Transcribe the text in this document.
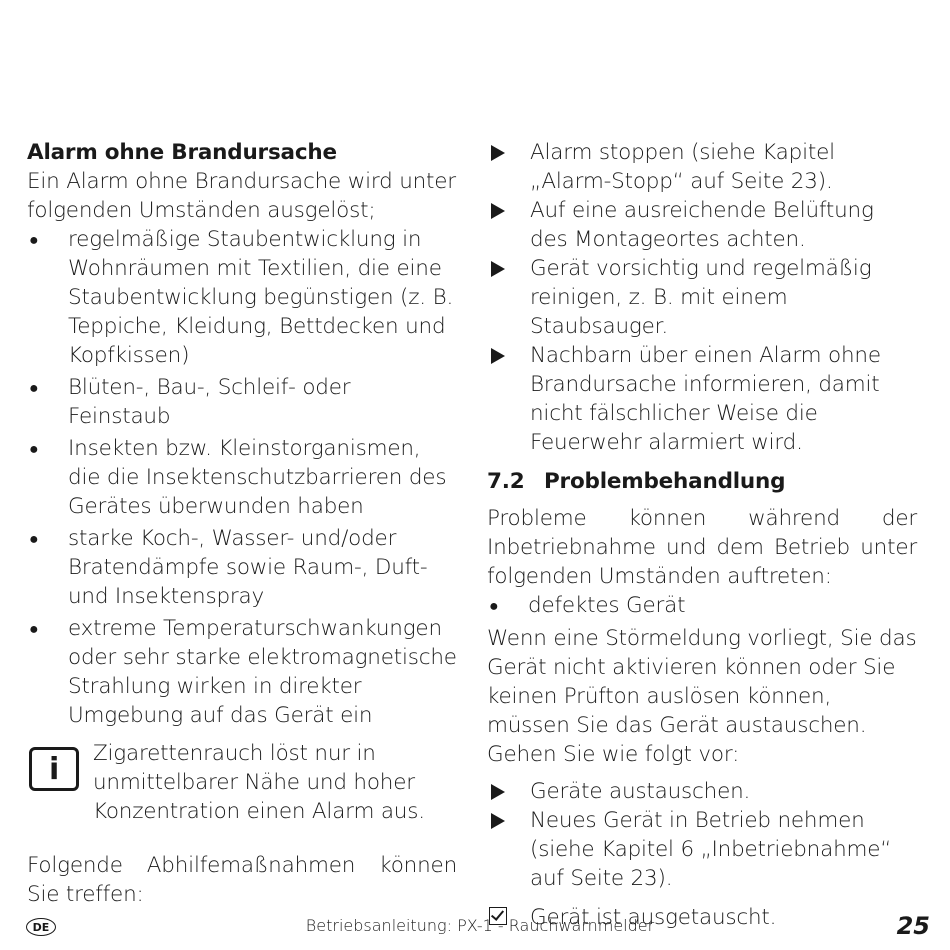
Alarm ohne Brandursache

Ein Alarm ohne Brandursache wird unter folgenden Umständen ausgelöst;

● regelmäßige Staubentwicklung in Wohnräumen mit Textilien, die eine Staubentwicklung begünstigen (z. B. Teppiche, Kleidung, Bettdecken und Kopfkissen)
● Blüten-, Bau-, Schleif- oder Feinstaub
● Insekten bzw. Kleinstorganismen, die die Insektenschutzbarrieren des Gerätes überwunden haben
● starke Koch-, Wasser- und/oder Bratendämpfe sowie Raum-, Duft- und Insektenspray
● extreme Temperaturschwankungen oder sehr starke elektromagnetische Strahlung wirken in direkter Umgebung auf das Gerät ein
i	Zigarettenrauch löst nur in unmittelbarer Nähe und hoher Konzentration einen Alarm aus.

Folgende Abhilfemaßnahmen können Sie treffen:

Alarm stoppen (siehe Kapitel „Alarm-Stopp“ auf Seite 23).
Auf eine ausreichende Belüftung des Montageortes achten.
Gerät vorsichtig und regelmäßig reinigen, z. B. mit einem Staubsauger.
Nachbarn über einen Alarm ohne Brandursache informieren, damit nicht fälschlicher Weise die Feuerwehr alarmiert wird.
7.2 Problembehandlung

Probleme können während der Inbetriebnahme und dem Betrieb unter folgenden Umständen auftreten:

● defektes Gerät

Wenn eine Störmeldung vorliegt, Sie das Gerät nicht aktivieren können oder Sie keinen Prüfton auslösen können, müssen Sie das Gerät austauschen.

Gehen Sie wie folgt vor:

Geräte austauschen.
Neues Gerät in Betrieb nehmen (siehe Kapitel 6 „Inbetriebnahme“ auf Seite 23).
Gerät ist ausgetauscht.
DE	Betriebsanleitung: PX-1 - Rauchwarnmelder	25
